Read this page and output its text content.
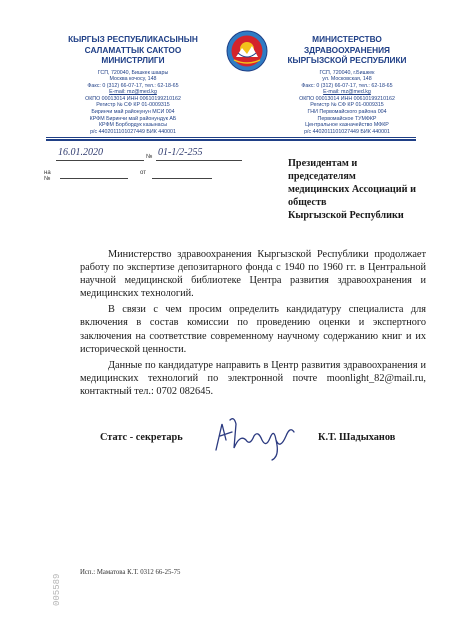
КЫРГЫЗ РЕСПУБЛИКАСЫНЫН
САЛАМАТТЫК САКТОО
МИНИСТРЛИГИ
ГСП, 720040, Бишкек шаары
Москва кочосу, 148
Факс: 0 (312) 66-07-17, тел.: 62-18-65
E-mail: mz@med.kg
ОКПО 00013014 ИНН 00610199210162
Регистр № СФ КР 01-0009315
Биринчи май районунун МСИ 004
КРФМ Биринчи май районундук АБ
КРФМ Борбордук казынасы
р/с 4402011101027449 БИК 440001
МИНИСТЕРСТВО
ЗДРАВООХРАНЕНИЯ
КЫРГЫЗСКОЙ РЕСПУБЛИКИ
ГСП, 720040, г.Бишкек
ул. Московская, 148
Факс: 0 (312) 66-07-17, тел.: 62-18-65
E-mail: mz@med.kg
ОКПО 00013014 ИНН 00610199210162
Регистр № СФ КР 01-0009315
ГНИ Первомайского района 004
Первомайское ТУМФКР
Центральное казначейство МФКР
р/с 4402011101027449 БИК 440001
16.01.2020	№ 01-1/2-255
на №
от
Президентам и
председателям
медицинских Ассоциаций и
обществ
Кыргызской Республики

Министерство здравоохранения Кыргызской Республики продолжает работу по экспертизе депозитарного фонда с 1940 по 1960 гг. в Центральной научной медицинской библиотеке Центра развития здравоохранения и медицинских технологий.

В связи с чем просим определить кандидатуру специалиста для включения в состав комиссии по проведению оценки и экспертного заключения на соответствие современному научному содержанию книг и их исторической ценности.

Данные по кандидатуре направить в Центр развития здравоохранения и медицинских технологий по электронной почте moonlight_82@mail.ru, контактный тел.: 0702 082645.

Статс - секретарь	К.Т. Шадыханов
Исп.: Маматова К.Т. 0312 66-25-75
005589
